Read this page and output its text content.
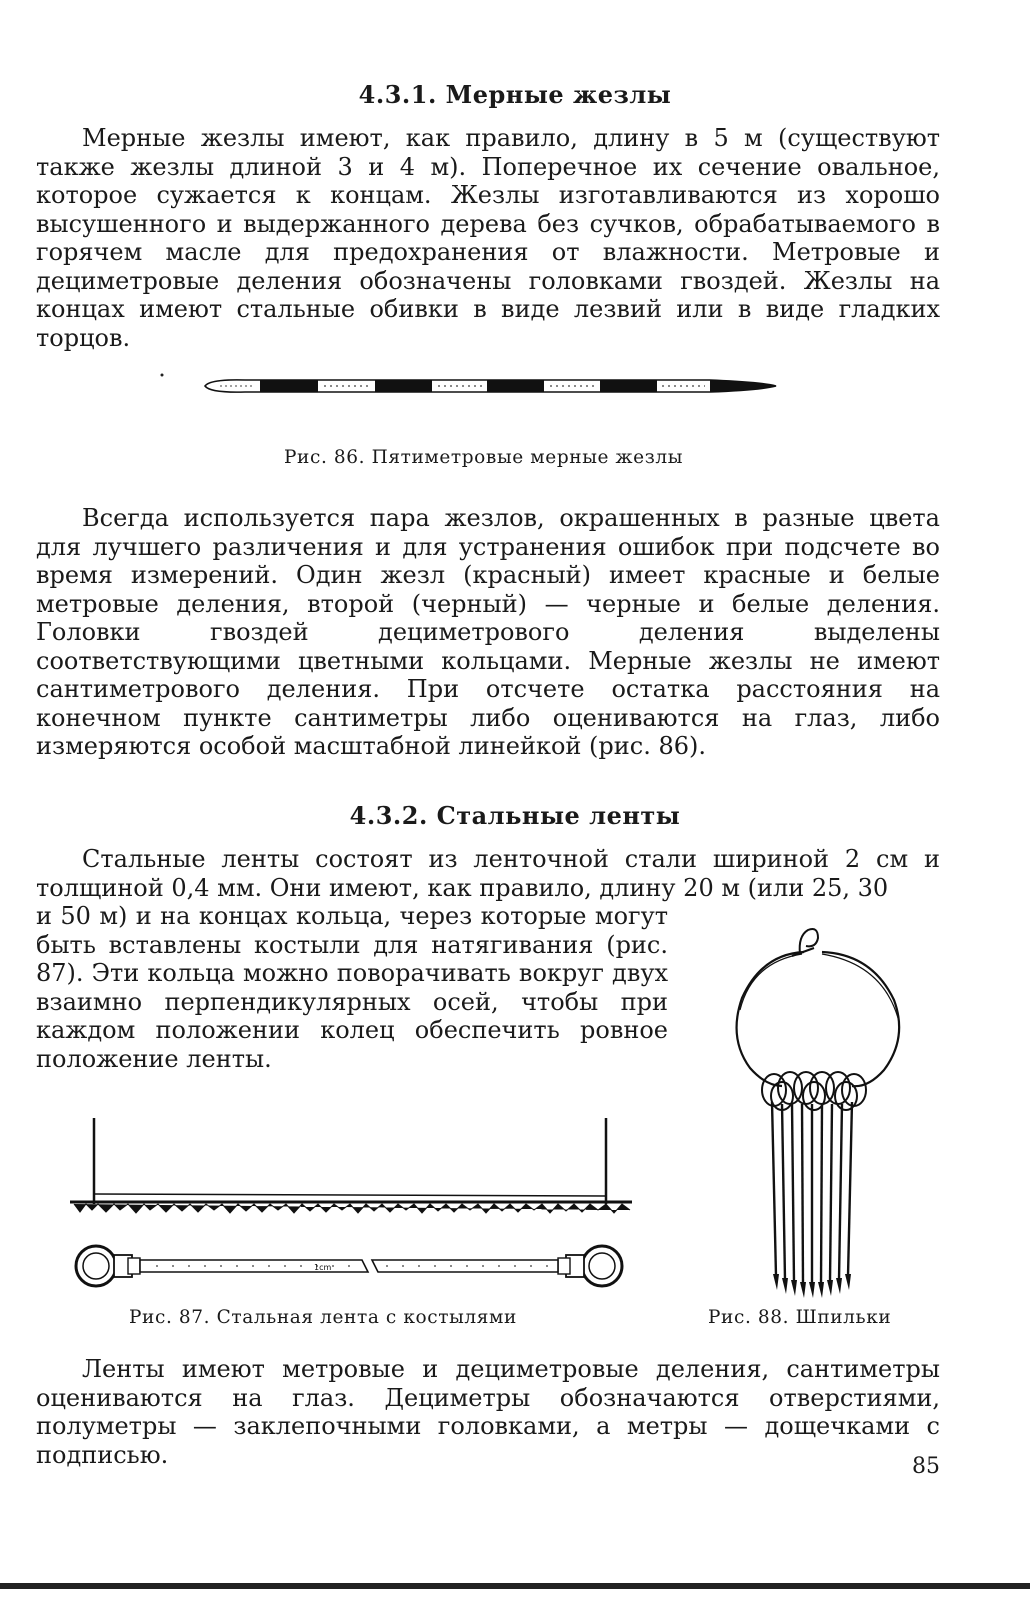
4.3.1. Мерные жезлы

Мерные жезлы имеют, как правило, длину в 5 м (существуют также жезлы длиной 3 и 4 м). Поперечное их сечение овальное, которое сужается к концам. Жезлы изготавливаются из хорошо высушенного и выдержанного дерева без сучков, обрабатываемого в горячем масле для предохранения от влажности. Метровые и дециметровые деления обозначены головками гвоздей. Жезлы на концах имеют стальные обивки в виде лезвий или в виде гладких торцов.

Рис. 86. Пятиметровые мерные жезлы

Всегда используется пара жезлов, окрашенных в разные цвета для лучшего различения и для устранения ошибок при подсчете во время измерений. Один жезл (красный) имеет красные и белые метровые деления, второй (черный) — черные и белые деления. Головки гвоздей дециметрового деления выделены соответствующими цветными кольцами. Мерные жезлы не имеют сантиметрового деления. При отсчете остатка расстояния на конечном пункте сантиметры либо оцениваются на глаз, либо измеряются особой масштабной линейкой (рис. 86).

4.3.2. Стальные ленты

Стальные ленты состоят из ленточной стали шириной 2 см и толщиной 0,4 мм. Они имеют, как правило, длину 20 м (или 25, 30

и 50 м) и на концах кольца, через которые могут быть вставлены костыли для натягивания (рис. 87). Эти кольца можно поворачивать вокруг двух взаимно перпендикулярных осей, чтобы при каждом положении колец обеспечить ровное положение ленты.

1cm
Рис. 87. Стальная лента с костылями	Рис. 88. Шпильки

Ленты имеют метровые и дециметровые деления, сантиметры оцениваются на глаз. Дециметры обозначаются отверстиями, полуметры — заклепочными головками, а метры — дощечками с подписью.	85
